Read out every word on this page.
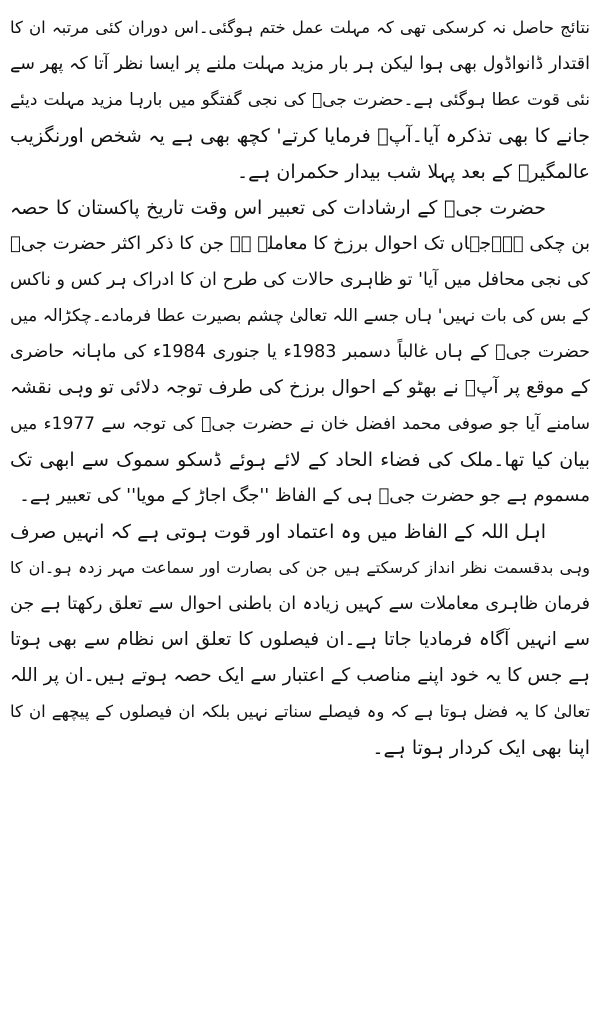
نتائج حاصل نہ کرسکی تھی کہ مہلت عمل ختم ہوگئی۔اس دوران کئی مرتبہ ان کا
اقتدار ڈانواڈول بھی ہوا لیکن ہر بار مزید مہلت ملنے پر ایسا نظر آتا کہ پھر سے
نئی قوت عطا ہوگئی ہے۔حضرت جیؒ کی نجی گفتگو میں بارہا مزید مہلت دیئے
جانے کا بھی تذکرہ آیا۔آپؒ فرمایا کرتے' کچھ بھی ہے یہ شخص اورنگزیب
عالمگیرؒ کے بعد پہلا شب بیدار حکمران ہے۔
حضرت جیؒ کے ارشادات کی تعبیر اس وقت تاریخ پاکستان کا حصہ
بن چکی ہے۔جہاں تک احوال برزخ کا معاملہ ہے جن کا ذکر اکثر حضرت جیؒ
کی نجی محافل میں آیا' تو ظاہری حالات کی طرح ان کا ادراک ہر کس و ناکس
کے بس کی بات نہیں' ہاں جسے اللہ تعالیٰ چشم بصیرت عطا فرمادے۔چکڑالہ میں
حضرت جیؒ کے ہاں غالباً دسمبر 1983ء یا جنوری 1984ء کی ماہانہ حاضری
کے موقع پر آپؒ نے بھٹو کے احوال برزخ کی طرف توجہ دلائی تو وہی نقشہ
سامنے آیا جو صوفی محمد افضل خان نے حضرت جیؒ کی توجہ سے 1977ء میں
بیان کیا تھا۔ملک کی فضاء الحاد کے لائے ہوئے ڈسکو سموک سے ابھی تک
مسموم ہے جو حضرت جیؒ ہی کے الفاظ ''جگ اجاڑ کے مویا'' کی تعبیر ہے۔
اہل اللہ کے الفاظ میں وہ اعتماد اور قوت ہوتی ہے کہ انہیں صرف
وہی بدقسمت نظر انداز کرسکتے ہیں جن کی بصارت اور سماعت مہر زدہ ہو۔ان کا
فرمان ظاہری معاملات سے کہیں زیادہ ان باطنی احوال سے تعلق رکھتا ہے جن
سے انہیں آگاہ فرمادیا جاتا ہے۔ان فیصلوں کا تعلق اس نظام سے بھی ہوتا
ہے جس کا یہ خود اپنے مناصب کے اعتبار سے ایک حصہ ہوتے ہیں۔ان پر اللہ
تعالیٰ کا یہ فضل ہوتا ہے کہ وہ فیصلے سناتے نہیں بلکہ ان فیصلوں کے پیچھے ان کا
اپنا بھی ایک کردار ہوتا ہے۔
